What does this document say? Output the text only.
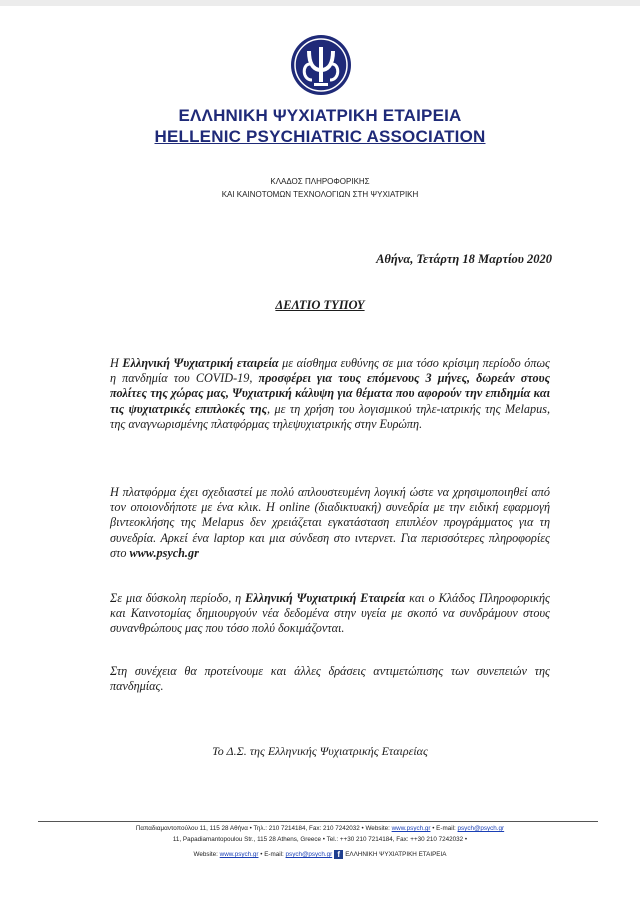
ΕΛΛΗΝΙΚΗ ΨΥΧΙΑΤΡΙΚΗ ΕΤΑΙΡΕΙΑ
HELLENIC PSYCHIATRIC ASSOCIATION
ΚΛΑΔΟΣ ΠΛΗΡΟΦΟΡΙΚΗΣ
ΚΑΙ ΚΑΙΝΟΤΟΜΩΝ ΤΕΧΝΟΛΟΓΙΩΝ ΣΤΗ ΨΥΧΙΑΤΡΙΚΗ
Αθήνα, Τετάρτη 18 Μαρτίου 2020
ΔΕΛΤΙΟ ΤΥΠΟΥ
Η Ελληνική Ψυχιατρική εταιρεία με αίσθημα ευθύνης σε μια τόσο κρίσιμη περίοδο όπως η πανδημία του COVID-19, προσφέρει για τους επόμενους 3 μήνες, δωρεάν στους πολίτες της χώρας μας, Ψυχιατρική κάλυψη για θέματα που αφορούν την επιδημία και τις ψυχιατρικές επιπλοκές της, με τη χρήση του λογισμικού τηλε-ιατρικής της Melapus, της αναγνωρισμένης πλατφόρμας τηλεψυχιατρικής στην Ευρώπη.
Η πλατφόρμα έχει σχεδιαστεί με πολύ απλουστευμένη λογική ώστε να χρησιμοποιηθεί από τον οποιονδήποτε με ένα κλικ. Η online (διαδικτυακή) συνεδρία με την ειδική εφαρμογή βιντεοκλήσης της Melapus δεν χρειάζεται εγκατάσταση επιπλέον προγράμματος για τη συνεδρία. Αρκεί ένα laptop και μια σύνδεση στο ιντερνετ. Για περισσότερες πληροφορίες στο www.psych.gr
Σε μια δύσκολη περίοδο, η Ελληνική Ψυχιατρική Εταιρεία και ο Κλάδος Πληροφορικής και Καινοτομίας δημιουργούν νέα δεδομένα στην υγεία με σκοπό να συνδράμουν στους συνανθρώπους μας που τόσο πολύ δοκιμάζονται.
Στη συνέχεια θα προτείνουμε και άλλες δράσεις αντιμετώπισης των συνεπειών της πανδημίας.
Το Δ.Σ. της Ελληνικής Ψυχιατρικής Εταιρείας
Παπαδιαμαντοπούλου 11, 115 28 Αθήνα • Τηλ.: 210 7214184, Fax: 210 7242032 • Website: www.psych.gr • E-mail: psych@psych.gr
11, Papadiamantopoulou Str., 115 28 Athens, Greece • Tel.: ++30 210 7214184, Fax: ++30 210 7242032 •
Website: www.psych.gr • E-mail: psych@psych.gr f ΕΛΛΗΝΙΚΗ ΨΥΧΙΑΤΡΙΚΗ ΕΤΑΙΡΕΙΑ
